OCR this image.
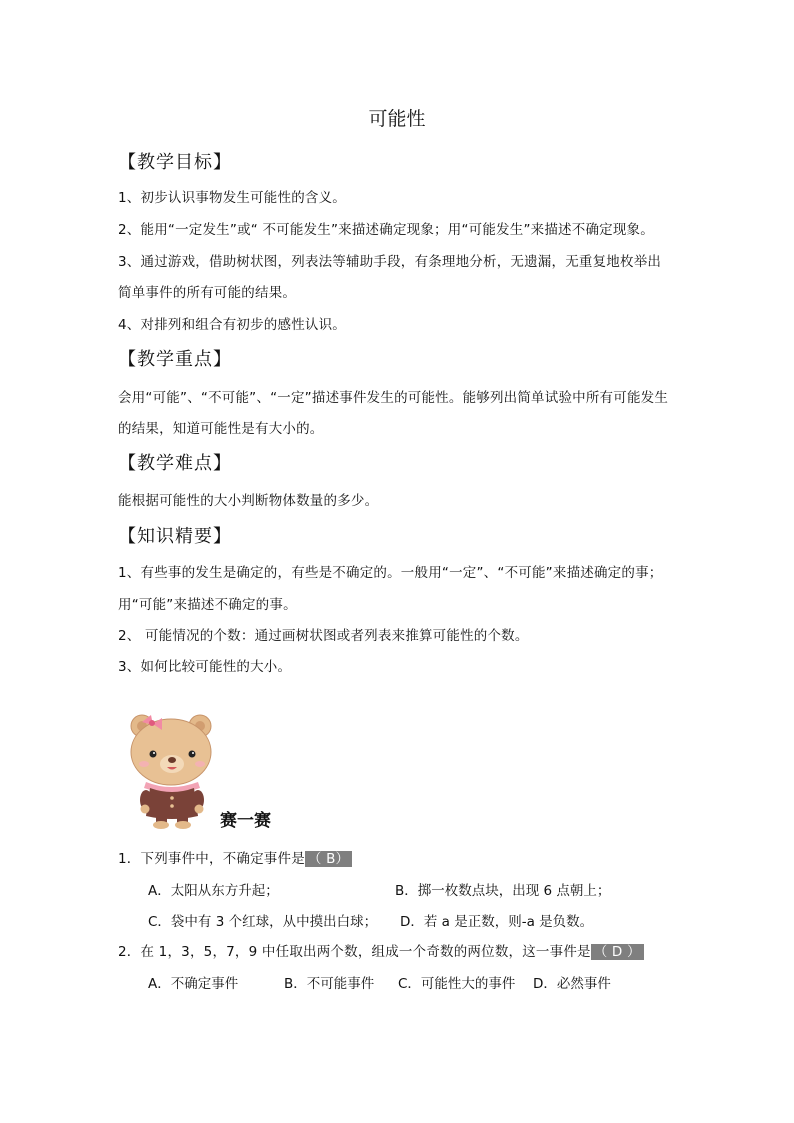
可能性
【教学目标】
1、初步认识事物发生可能性的含义。
2、能用“一定发生”或“ 不可能发生”来描述确定现象；用“可能发生”来描述不确定现象。
3、通过游戏，借助树状图，列表法等辅助手段，有条理地分析，无遗漏，无重复地枚举出
简单事件的所有可能的结果。
4、对排列和组合有初步的感性认识。
【教学重点】
会用“可能”、“不可能”、“一定”描述事件发生的可能性。能够列出简单试验中所有可能发生
的结果，知道可能性是有大小的。
【教学难点】
能根据可能性的大小判断物体数量的多少。
【知识精要】
1、有些事的发生是确定的，有些是不确定的。一般用“一定”、“不可能”来描述确定的事；
用“可能”来描述不确定的事。
2、 可能情况的个数：通过画树状图或者列表来推算可能性的个数。
3、如何比较可能性的大小。
赛一赛
1．下列事件中，不确定事件是 （ B）
A．太阳从东方升起；	B．掷一枚数点块，出现 6 点朝上；
C．袋中有 3 个红球，从中摸出白球； D．若 a 是正数，则-a 是负数。
2．在 1，3，5，7，9 中任取出两个数，组成一个奇数的两位数，这一事件是 （ D ）
A．不确定事件	B．不可能事件 C．可能性大的事件 D．必然事件
